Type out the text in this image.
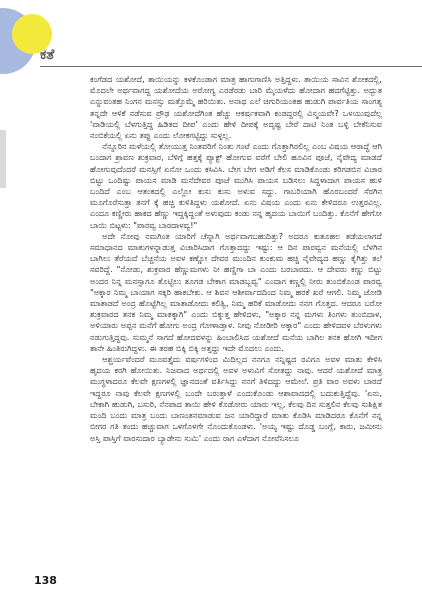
ಕತೆ

ಕಂಗೆಡದ ಯಶೋದೆ, ತಾಯಿಯನ್ನು ಕಳಕೊಂಡಾಗ ಮಾತ್ರ ಹಾಗುಗಾಣಿಸಿ ಅತ್ತಿದ್ದಳು. ತಾಯಿಯ ಸಾವಿನ ಶೋಕದಲ್ಲಿ, ಮೊದಲೇ ಅರ್ಥವಾಗದ್ದ ಯಶೋದೆಯ ಅರೋಗ್ಯ ಎರಡೆರಡು ಬಾರಿ ಮೈಯಳೆದು ಹೋದಾಗ ಹದಗೆಟ್ಟಿತ್ತು. ಅದ್ಭುತ ಎನ್ನುವಂತಹ ನಿಂಗನ ಮನಸ್ಸು ಮತ್ತೊಮ್ಮೆ ಹರಿಯಿತು. ಅನಾಥ ಎಲೆ ಚಿಗುರಿಯಂತಹ ಹುಡುಗಿ ಪಾರ್ವತಿಯ ಸಾಂಗತ್ಯ ತನ್ನದೇ ಆಳಿಕೆ ನಡೆಸುವ ಪ್ರೌಢ ಯಶೋದೆಗಿಂತ ಹೆಚ್ಚು ಆಕರ್ಷಕವಾಗಿ ಕಂಡದ್ದರಲ್ಲಿ ವಿಸ್ಮಯವೇ? ಒಳಯುವುದೆಲ್ಲ 'ವಾಡಿಯಲ್ಲಿ ಬೆಳಗುತ್ತಿದ್ದ ಹಿಡಿತದ ದೀಪ' ಎಂದು ಹೇಳಿ ದೀಪಕ್ಕೆ ಅದೃಷ್ಟ ಬೇರೆ ದಾಟಿ ನಿಂತ ಬಳ್ಳಿ ಬೇಕೆನಿಸುವ ನಂಬಿಕೆಯಲ್ಲಿ ಏನು ತಪ್ಪು ಎಂದು ಲೋಕಗಟ್ಟಿದ್ದು ಸುಳ್ಳಲ್ಲ.

ನೆನ್ನೂರಿನ ಮಳೆಯಲ್ಲಿ ತೋಯುತ್ತ ನಿಂತವರಿಗೆ ನಿಂತು ಗಂಟೆ ಎಂದು ಗೊತ್ತಾಗಿರಲಿಲ್ಲ ಎಂಬ ವಿಷಯ ಆರಾದ್ಧೆ ಆಗಿ ಬಂದಾಗ ಶ್ರಾವಣ ಶುಕ್ರವಾರ, ಬೆಳಿಗ್ಗೆ ಹತ್ತಕ್ಕೆ ಪ್ಯಾಕ್ಟ್‌ ಹೋಗುವ ವರೆಗೆ ಬೇಲಿ ಹೂವಿನ ಪೂಜೆ, ನೈವೇದ್ಯ ಮಾಡದೆ ಹೋಗುವುದೆಂದರೆ ಮನಸ್ಸಿಗೆ ಏನೋ ಒಂದು ಕಸಿವಿಸಿ. ಬೇಗ ಬೇಗ ಅಡಿಗೆ ಕೆಲಸ ಮಾಡಿಕೊಂಡು ಕರಿಗಡಬಿನ ವಿಚಾರ ಬಿಟ್ಟು ಒಂದಿಷ್ಟು ಪಾಯಸ ಮಾಡಿ ಮನೆದೇವರ ಪೂಜೆ ಮುಗಿಸಿ ಪಾಯಸ ಬಡಿಸಲು ಸಿದ್ಧಳಾದಾಗ ಪಾಯಸ ಹುಳಿ ಬಂದಿದೆ ಎಂಬ ಆತಂಕದಲ್ಲಿ ಎಲ್ಲೋ ಕುಸು ಕುಸು ಅಳುವ ಸದ್ದು. ಗಾಬರಿಯಾಗಿ ಹೊರಬಂದರೆ ಸೆರಗಿನ ಮೂಗೊರೆಸುತ್ತಾ ತನಗೆ ಕ್ಕೆ ಹಚ್ಚಿ ಕುಳಿತಿದ್ದಳು ಯಶೋದೆ. ಏನು ವಿಷಯ ಎಂದು ಏನು ಕೇಳಿದರೂ ಉತ್ತರವಿಲ್ಲ. ಎಂದೂ ಕಣ್ಣೀರು ಹಾಕದ ಹೆಣ್ಣು ಇದ್ದಕ್ಕಿದ್ದಂತೆ ಅಳುವುದು ಕಂಡು ನನ್ನ ಹೃದಯ ಬಾಯಿಗೆ ಬಂದಿತ್ತು. ಕೊನೆಗೆ ಹೇಗೋ ಬಾಯಿ ಬಿಟ್ಟಳು: "ಪಾರವ್ವ ಬಾರದಾಳವ್ವ!"

ಅದೇ ನೋವು ನಮಗಿಂತ ಯಾರಿಗೆ ಚೆನ್ನಾಗಿ ಅರ್ಥವಾಗಬಹುದಿತ್ತು? ಅದರೂ ಕುತೂಹಲ ತಡೆಯಲಾಗದೆ ಸಮಾಧಾನದ ಮಾತುಗಳನ್ನಾಡುತ್ತ ವಿಚಾರಿಸಿದಾಗ ಗೊತ್ತಾದದ್ದು ಇಷ್ಟು: ಆ ದಿನ ಪಾರವ್ವನ ಮನೆಯಲ್ಲಿ ಬೆಳಗಿನ ಬಾಗಿಲು ತೆರೆಯದೆ ಬೆಚ್ಚನೆಯ ಅವಳ ಕಣ್ಣೋ ದೇವರ ಮುಂದಿನ ಕುಂಕುಮ ಹಚ್ಚಿ ನೈವೇದ್ಯದ ಹಣ್ಣು ಕೈಗಿತ್ತು ತಲೆ ಸವರಿದ್ದೆ. "ನೋಡು, ಶುಕ್ರವಾರ ಹೆಣ್ಣುಮಗಳು ನೀ ಹಣ್ಣಿಗಾ ಬಾ ಎಂದು ಬರಬಾರದು. ಆ ದೇವರು ಕಣ್ಣು ಬಿಟ್ಟು ಅಂದರ ನಿನ್ನ ಮನಸ್ಸಾಗೂ ತೊಟ್ಟಿಲು ತೂಗಡ ಬೇಕಾಗ ಮಾಡಬ್ಬವ್ವ" ಎಂದಾಗ ಕಣ್ಣಲ್ಲಿ ನೀರು ತುಂಬಿಕೊಂಡ ಪಾರವ್ವ "ಅಕ್ಕಾರ ನಿಮ್ಮ ಬಾಯಾಗ ಸಕ್ಕರಿ ಹಾಕಬೇಕು. ಆ ಶಿವನ ಆಶೀರ್ವಾದದಿಂದ ನಿಮ್ಮ ಹರಕೆ ಖರೆ ಆಗಲಿ. ನಿಮ್ಮ ಜೋಡಿ ಮಾತಾಡದೆ ಅಂದ್ರ ಹೊಟ್ಟೆಗಿಲ್ಲ ಮಾತಾಡೋದು ಕಲಿತ್ವಿ, ನಿಮ್ಮ ಹರಿಕೆ ಮಾಡೋದು ನನಗ ಗೊತ್ತದ. ಆದರೂ ಬರೋ ಶುಕ್ರವಾರದ ತನಕ ನಿಮ್ಮ ಮಾತಕ್ಕಾಗಿ" ಎಂದು ಬಿಕ್ಕುತ್ತ ಹೇಳಿದಳು, "ಅಕ್ಕಾರ ನನ್ನ ಮಗಳು ತಿಂಗಳು ತುಂಬಿದಾಳ, ಅಳಿಯಾರು ಅಪ್ಪನ ಮನೆಗೆ ಹೋಗು ಅಂದ್ರ ಗೋಳಾಡ್ತಾಳ. ನೀವು ನೋಡೀರಿ ಅಕ್ಕಾರ" ಎಂದು ಹೇಳಿದವಳ ಬೆರಳುಗಳು ನಡುಗುತ್ತಿದ್ದವು. ಸುಮ್ಮನೆ ಸಾಗದೆ ಹೋದವಳನ್ನು ಹಿಂಬಾಲಿಸಿದ ಯಶೋದೆ ಮನೆಯ ಬಾಗಿಲ ತನಕ ಹೋಗಿ ಇದೀಗ ತಾನೇ ಹಿಂತಿರುಗಿದ್ದಳು. ಈ ತರಹ ಬಿಕ್ಕಿ ಬಿಕ್ಕಿ ಅತ್ತದ್ದು ಇದೇ ಮೊದಲು ಎಂದು.

ಆಶ್ಚರ್ಯವೆಂದರೆ ಮೂವತ್ತೈದು ವರ್ಷಗಳಿಂದ ಮಿದಿಲ್ಲದ ನನಗೂ ನನ್ನಿಷ್ಟದ ರವಿಗೂ ಅವಳ ಮಾತು ಕೇಳಿಸಿ ಹೃದಯ ಕರಗಿ ಹೋಯಿತು. ನಿಜವಾದ ಅರ್ಥದಲ್ಲಿ ಅವಳ ಅಳುವಿಗೆ ಸೋತದ್ದು ನಾವು. ಆದರೆ ಯಶೋದೆ ಮಾತ್ರ ಮುಗ್ಧಳಾದರೂ ಕೆಲವೇ ಕ್ಷಣಗಳಲ್ಲಿ ಜ್ಞಾನದಂತೆ ವರ್ತಿಸಿದ್ದು ನನಗೆ ತಿಳಿದದ್ದು ಆಮೇಲೆ. ಪ್ರತಿ ವಾರ ಅವಳು ಬಾರದೆ ಇದ್ದರೂ ನಾವು ಕೆಲವೇ ಕ್ಷಣಗಳಲ್ಲಿ ಬಂದೇ ಬರುತ್ತಾಳೆ ಎಂದುಕೊಂಡು ಆಶಾವಾದದಲ್ಲಿ ಬದುಕುತ್ತಿದ್ದೆವು. 'ಏನು, ಬೇಕಾಗಿ ಹುಡುಗಿ, ಬಸುರಿ, ನೆನಪಾದ ತಾಯಿ ಹೇಳಿ ಕೊಡೋರು ಯಾರು ಇಲ್ಲ, ಕೆಲವು ದಿನ ಸುತ್ತಲಿನ ಕೆಲವು ಸುಶಿಕ್ಷಿತ ಮಂದಿ ಬಂದು ಮಾತ್ರ ಬಂದು ಬಾಣಂತನಮಾಡುವ ಜನ ಯಾರಿದ್ದಾರೆ ಮಾತು ಕೊಡಿಸಿ ಮಾಡಿದರೂ ಕೊನೆಗೆ ನನ್ನ ಬೀಗರ ಗತಿ ತಂದು ಹಚ್ಚುವಾಗ ಒಳಗೊಳಗೇ ನೊಂದುಕೊಂಡಳು. 'ಅಯ್ಯ ಇಷ್ಟು ದೊಡ್ಡ ಬಂಗ್ಲೆ, ಕಾರು, ಜಮೀನು ಅಸ್ತಿ ಪಾಸ್ತಿಗೆ ವಾರಸುದಾರ ಬ್ಯಾಡೇನು ಸುಮಿ' ಎಂದು ರಾಗ ಎಳೆದಾಗ ನೋವೆನಿಸಲೂ

138
